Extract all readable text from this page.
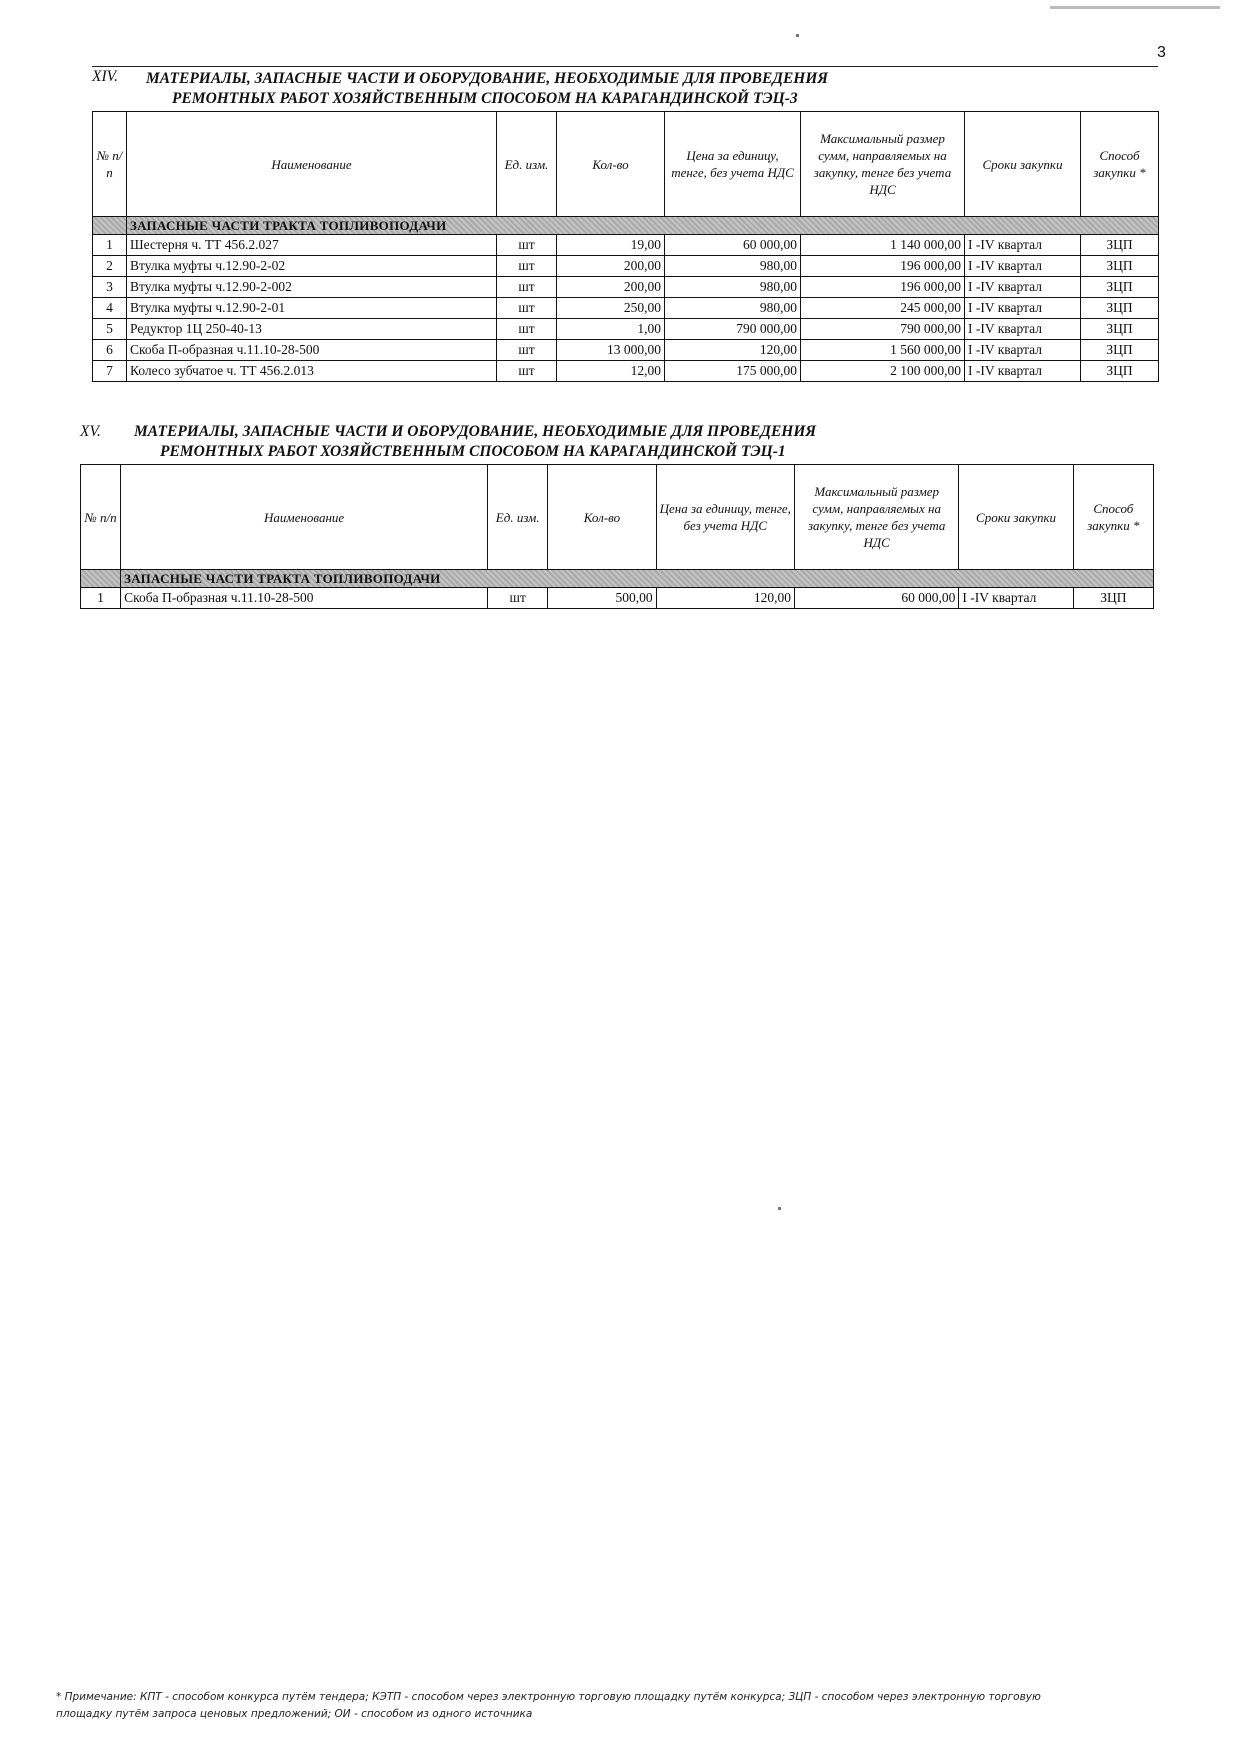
3
XIV. МАТЕРИАЛЫ, ЗАПАСНЫЕ ЧАСТИ И ОБОРУДОВАНИЕ, НЕОБХОДИМЫЕ ДЛЯ ПРОВЕДЕНИЯ
РЕМОНТНЫХ РАБОТ ХОЗЯЙСТВЕННЫМ СПОСОБОМ НА КАРАГАНДИНСКОЙ ТЭЦ-3
№ п/п	Наименование	Ед. изм.	Кол-во	Цена за единицу, тенге, без учета НДС	Максимальный размер сумм, направляемых на закупку, тенге без учета НДС	Сроки закупки	Способ закупки *
	ЗАПАСНЫЕ ЧАСТИ ТРАКТА ТОПЛИВОПОДАЧИ						
1	Шестерня ч. ТТ 456.2.027	шт	19,00	60 000,00	1 140 000,00	I -IV квартал	ЗЦП
2	Втулка муфты ч.12.90-2-02	шт	200,00	980,00	196 000,00	I -IV квартал	ЗЦП
3	Втулка муфты ч.12.90-2-002	шт	200,00	980,00	196 000,00	I -IV квартал	ЗЦП
4	Втулка муфты ч.12.90-2-01	шт	250,00	980,00	245 000,00	I -IV квартал	ЗЦП
5	Редуктор 1Ц 250-40-13	шт	1,00	790 000,00	790 000,00	I -IV квартал	ЗЦП
6	Скоба П-образная ч.11.10-28-500	шт	13 000,00	120,00	1 560 000,00	I -IV квартал	ЗЦП
7	Колесо зубчатое ч. ТТ 456.2.013	шт	12,00	175 000,00	2 100 000,00	I -IV квартал	ЗЦП
XV. МАТЕРИАЛЫ, ЗАПАСНЫЕ ЧАСТИ И ОБОРУДОВАНИЕ, НЕОБХОДИМЫЕ ДЛЯ ПРОВЕДЕНИЯ
РЕМОНТНЫХ РАБОТ ХОЗЯЙСТВЕННЫМ СПОСОБОМ НА КАРАГАНДИНСКОЙ ТЭЦ-1
№ п/п	Наименование	Ед. изм.	Кол-во	Цена за единицу, тенге, без учета НДС	Максимальный размер сумм, направляемых на закупку, тенге без учета НДС	Сроки закупки	Способ закупки *
	ЗАПАСНЫЕ ЧАСТИ ТРАКТА ТОПЛИВОПОДАЧИ						
1	Скоба П-образная ч.11.10-28-500	шт	500,00	120,00	60 000,00	I -IV квартал	ЗЦП
* Примечание: КПТ - способом конкурса путём тендера; КЭТП - способом через электронную торговую площадку путём конкурса; ЗЦП - способом через электронную торговую
площадку путём запроса ценовых предложений; ОИ - способом из одного источника
